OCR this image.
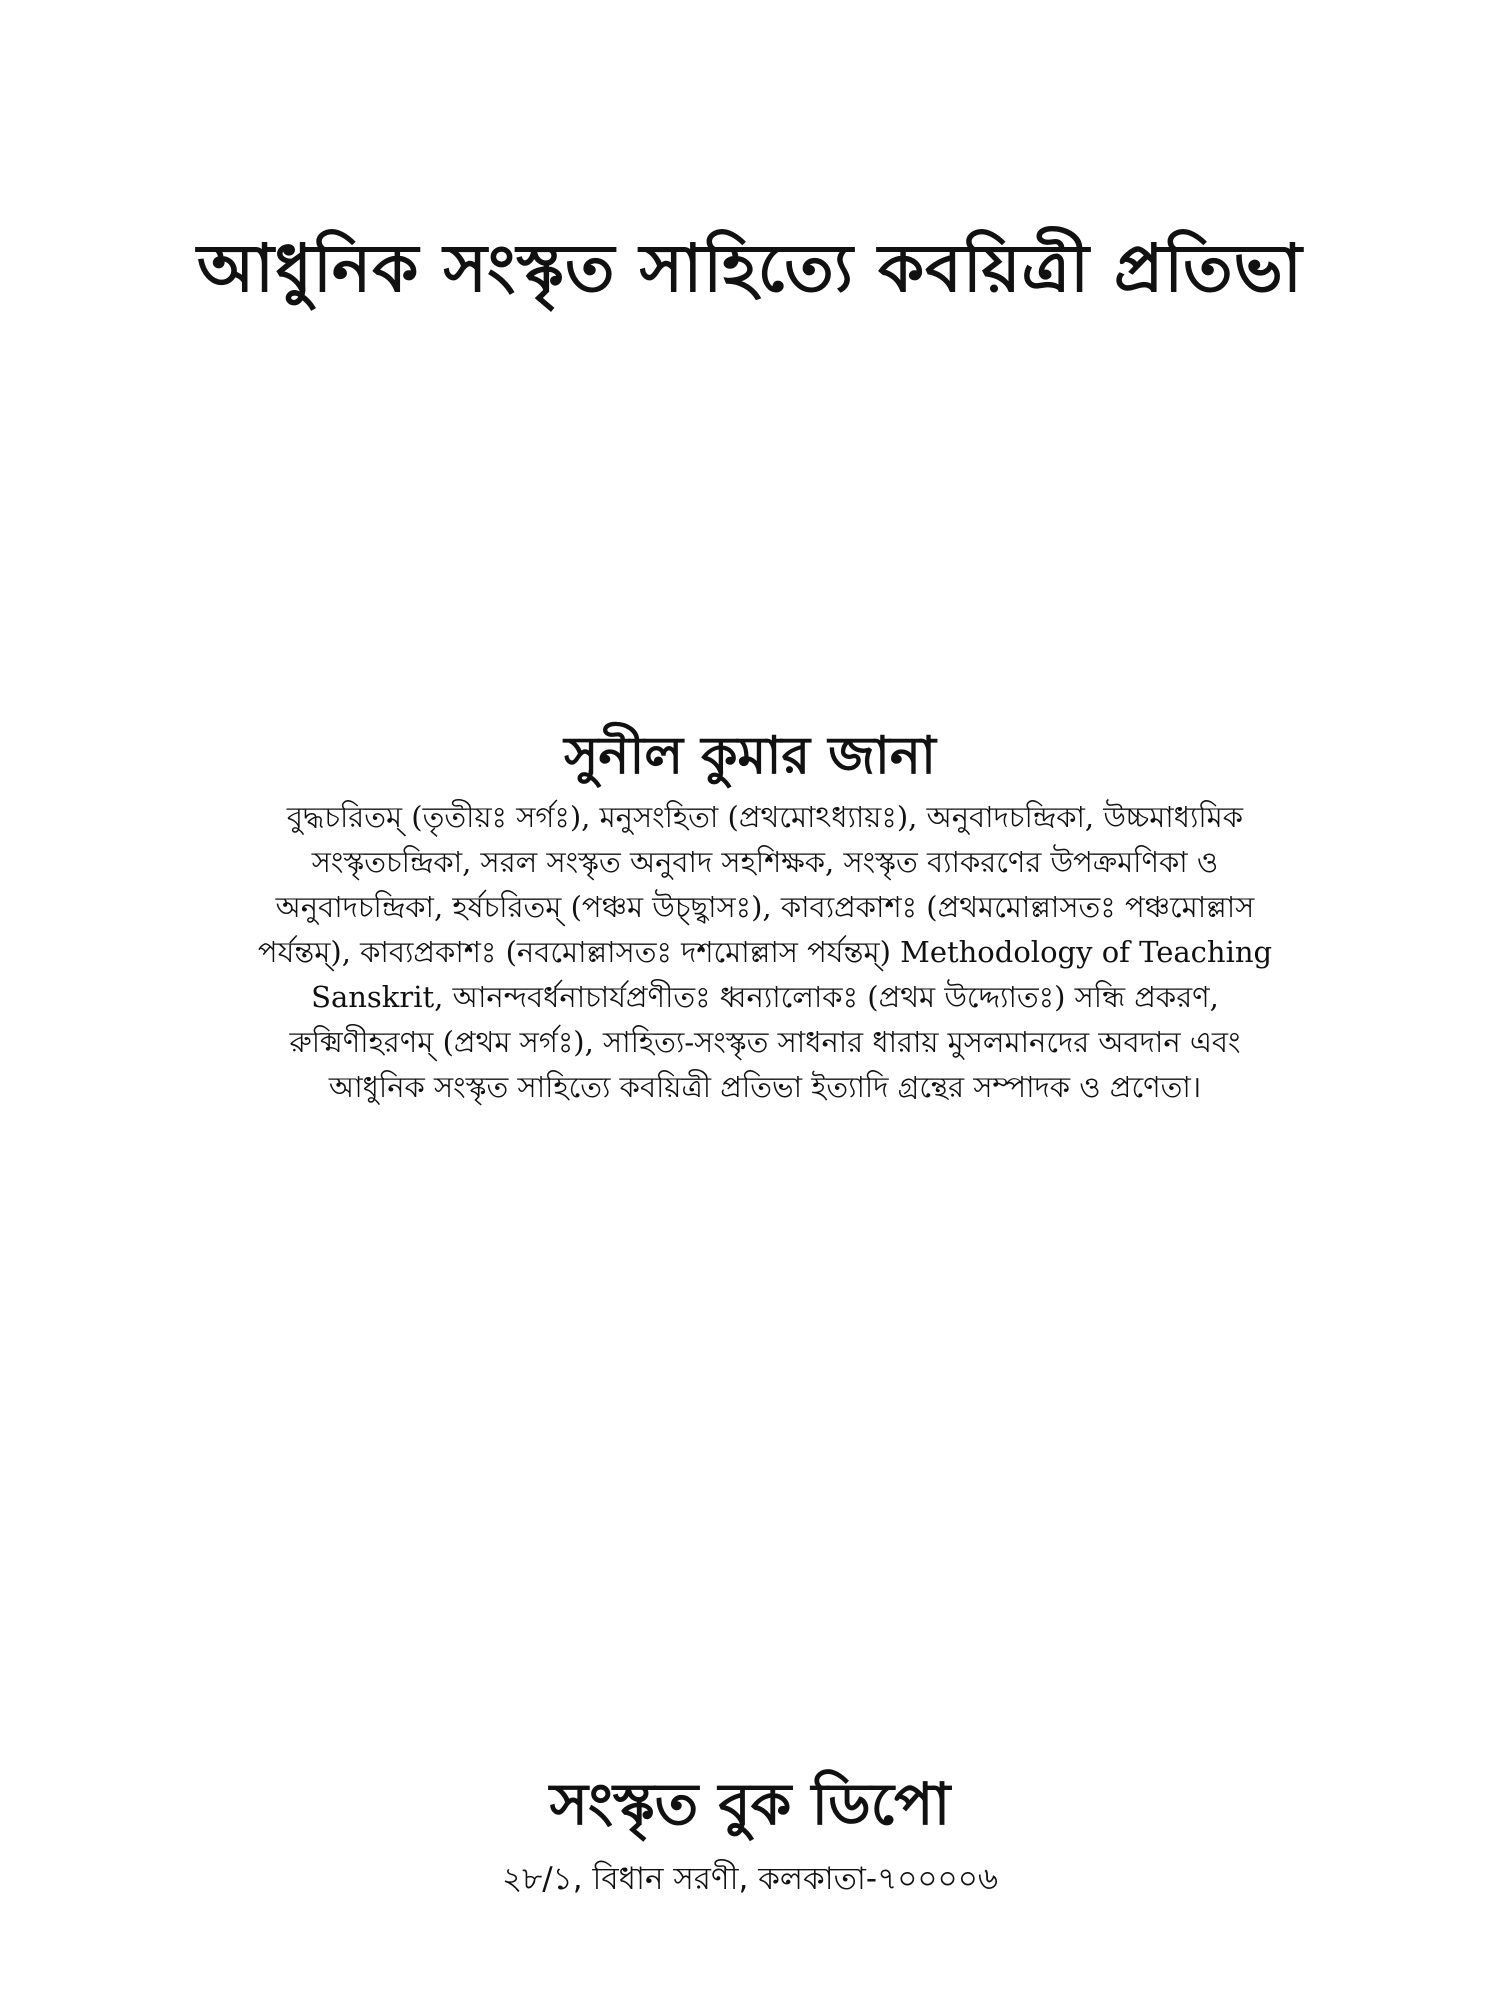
আধুনিক সংস্কৃত সাহিত্যে কবয়িত্রী প্রতিভা
সুনীল কুমার জানা
বুদ্ধচরিতম্ (তৃতীয়ঃ সর্গঃ), মনুসংহিতা (প্রথমোঽধ্যায়ঃ), অনুবাদচন্দ্রিকা, উচ্চমাধ্যমিক
সংস্কৃতচন্দ্রিকা, সরল সংস্কৃত অনুবাদ সহশিক্ষক, সংস্কৃত ব্যাকরণের উপক্রমণিকা ও
অনুবাদচন্দ্রিকা, হর্ষচরিতম্ (পঞ্চম উচ্ছ্বাসঃ), কাব্যপ্রকাশঃ (প্রথমমোল্লাসতঃ পঞ্চমোল্লাস
পর্যন্তম্), কাব্যপ্রকাশঃ (নবমোল্লাসতঃ দশমোল্লাস পর্যন্তম্) Methodology of Teaching
Sanskrit, আনন্দবর্ধনাচার্যপ্রণীতঃ ধ্বন্যালোকঃ (প্রথম উদ্দ্যোতঃ) সন্ধি প্রকরণ,
রুক্মিণীহরণম্ (প্রথম সর্গঃ), সাহিত্য-সংস্কৃত সাধনার ধারায় মুসলমানদের অবদান এবং
আধুনিক সংস্কৃত সাহিত্যে কবয়িত্রী প্রতিভা ইত্যাদি গ্রন্থের সম্পাদক ও প্রণেতা।
সংস্কৃত বুক ডিপো
২৮/১, বিধান সরণী, কলকাতা-৭০০০০৬
